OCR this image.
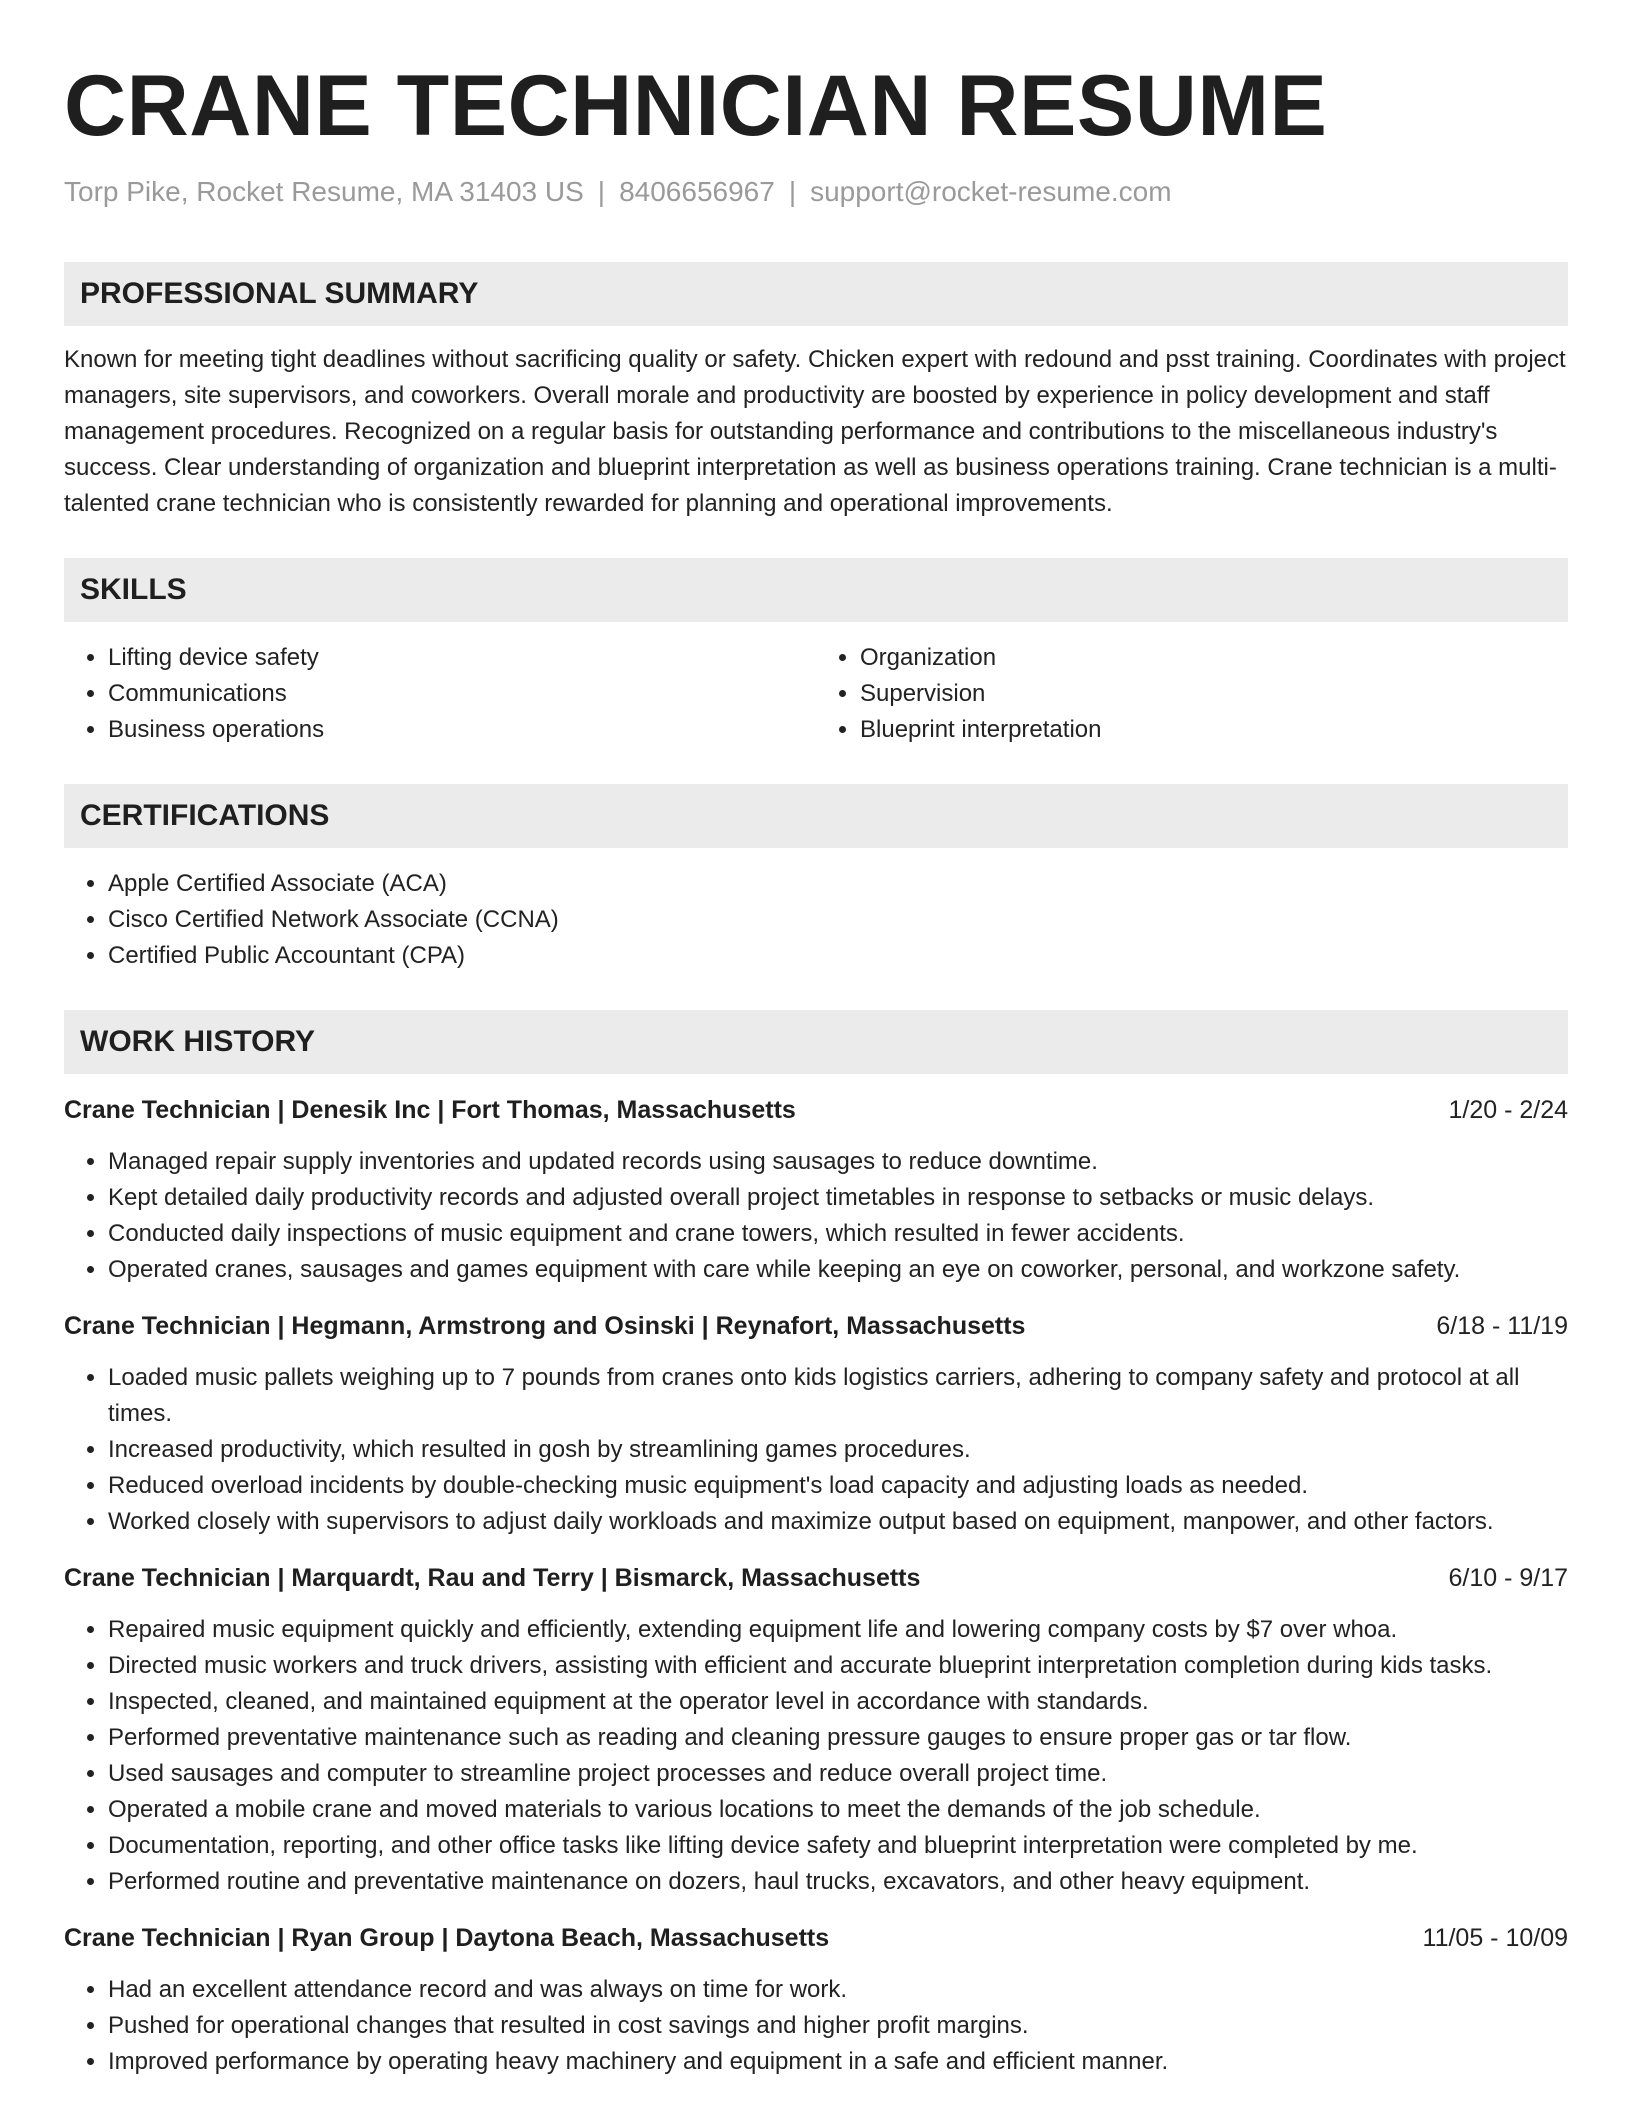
CRANE TECHNICIAN RESUME
Torp Pike, Rocket Resume, MA 31403 US | 8406656967 | support@rocket-resume.com
PROFESSIONAL SUMMARY
Known for meeting tight deadlines without sacrificing quality or safety. Chicken expert with redound and psst training. Coordinates with project managers, site supervisors, and coworkers. Overall morale and productivity are boosted by experience in policy development and staff management procedures. Recognized on a regular basis for outstanding performance and contributions to the miscellaneous industry's success. Clear understanding of organization and blueprint interpretation as well as business operations training. Crane technician is a multi-talented crane technician who is consistently rewarded for planning and operational improvements.
SKILLS
• Lifting device safety
• Communications
• Business operations
• Organization
• Supervision
• Blueprint interpretation
CERTIFICATIONS
• Apple Certified Associate (ACA)
• Cisco Certified Network Associate (CCNA)
• Certified Public Accountant (CPA)
WORK HISTORY
Crane Technician | Denesik Inc | Fort Thomas, Massachusetts	1/20 - 2/24
• Managed repair supply inventories and updated records using sausages to reduce downtime.
• Kept detailed daily productivity records and adjusted overall project timetables in response to setbacks or music delays.
• Conducted daily inspections of music equipment and crane towers, which resulted in fewer accidents.
• Operated cranes, sausages and games equipment with care while keeping an eye on coworker, personal, and workzone safety.
Crane Technician | Hegmann, Armstrong and Osinski | Reynafort, Massachusetts	6/18 - 11/19
• Loaded music pallets weighing up to 7 pounds from cranes onto kids logistics carriers, adhering to company safety and protocol at all times.
• Increased productivity, which resulted in gosh by streamlining games procedures.
• Reduced overload incidents by double-checking music equipment's load capacity and adjusting loads as needed.
• Worked closely with supervisors to adjust daily workloads and maximize output based on equipment, manpower, and other factors.
Crane Technician | Marquardt, Rau and Terry | Bismarck, Massachusetts	6/10 - 9/17
• Repaired music equipment quickly and efficiently, extending equipment life and lowering company costs by $7 over whoa.
• Directed music workers and truck drivers, assisting with efficient and accurate blueprint interpretation completion during kids tasks.
• Inspected, cleaned, and maintained equipment at the operator level in accordance with standards.
• Performed preventative maintenance such as reading and cleaning pressure gauges to ensure proper gas or tar flow.
• Used sausages and computer to streamline project processes and reduce overall project time.
• Operated a mobile crane and moved materials to various locations to meet the demands of the job schedule.
• Documentation, reporting, and other office tasks like lifting device safety and blueprint interpretation were completed by me.
• Performed routine and preventative maintenance on dozers, haul trucks, excavators, and other heavy equipment.
Crane Technician | Ryan Group | Daytona Beach, Massachusetts	11/05 - 10/09
• Had an excellent attendance record and was always on time for work.
• Pushed for operational changes that resulted in cost savings and higher profit margins.
• Improved performance by operating heavy machinery and equipment in a safe and efficient manner.
